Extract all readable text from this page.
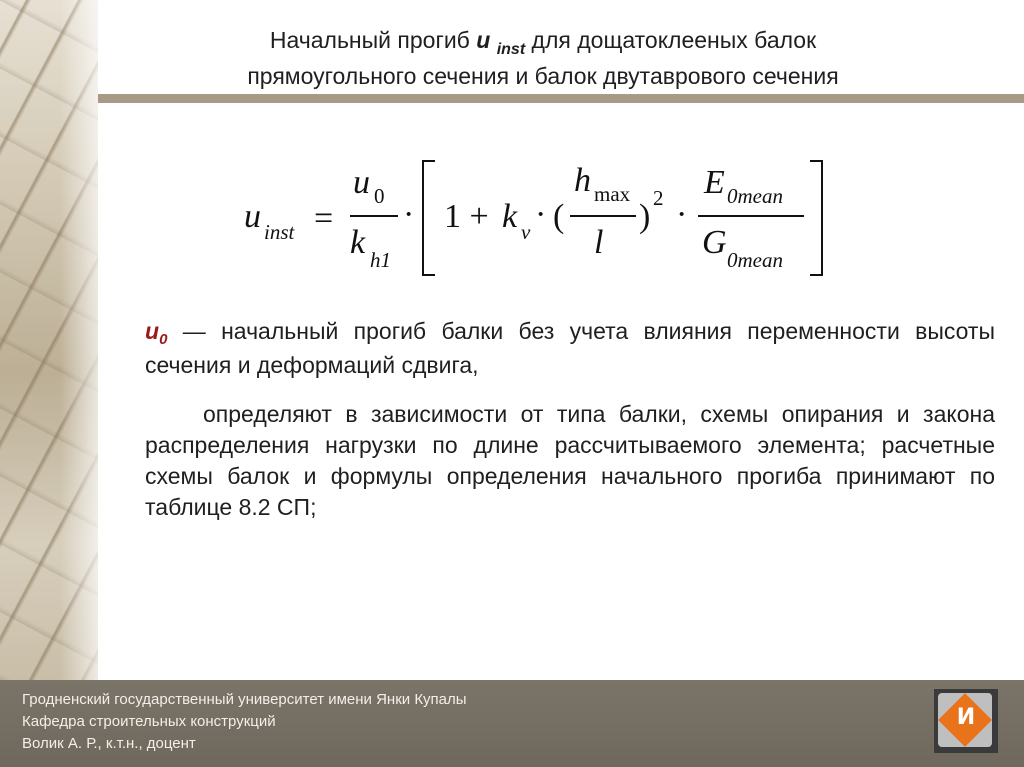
Начальный прогиб u $_{inst}$ для дощатоклееных балок
прямоугольного сечения и балок двутаврового сечения
u inst =
u 0
k h1
· 1 + k v · (
h max
l
) 2 ·
E 0mean
G 0mean
$u_0$ — начальный прогиб балки без учета влияния переменности высоты сечения и деформаций сдвига,
определяют в зависимости от типа балки, схемы опирания и закона распределения нагрузки по длине рассчитываемого элемента; расчетные схемы балок и формулы определения начального прогиба принимают по таблице 8.2 СП;
Гродненский государственный университет имени Янки Купалы
Кафедра строительных конструкций
Волик А. Р., к.т.н., доцент
И
